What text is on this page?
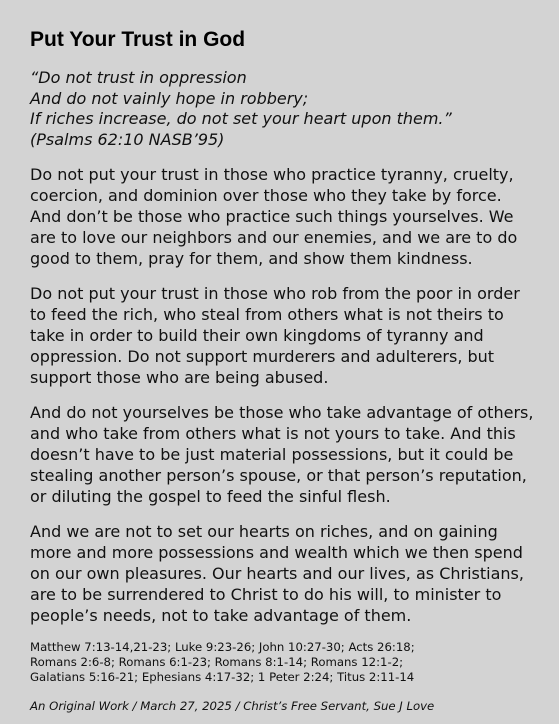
Put Your Trust in God
“Do not trust in oppression
And do not vainly hope in robbery;
If riches increase, do not set your heart upon them.”
(Psalms 62:10 NASB’95)

Do not put your trust in those who practice tyranny, cruelty, coercion, and dominion over those who they take by force. And don’t be those who practice such things yourselves. We are to love our neighbors and our enemies, and we are to do good to them, pray for them, and show them kindness.

Do not put your trust in those who rob from the poor in order to feed the rich, who steal from others what is not theirs to take in order to build their own kingdoms of tyranny and oppression. Do not support murderers and adulterers, but support those who are being abused.

And do not yourselves be those who take advantage of others, and who take from others what is not yours to take. And this doesn’t have to be just material possessions, but it could be stealing another person’s spouse, or that person’s reputation, or diluting the gospel to feed the sinful flesh.

And we are not to set our hearts on riches, and on gaining more and more possessions and wealth which we then spend on our own pleasures. Our hearts and our lives, as Christians, are to be surrendered to Christ to do his will, to minister to people’s needs, not to take advantage of them.

Matthew 7:13-14,21-23; Luke 9:23-26; John 10:27-30; Acts 26:18;
Romans 2:6-8; Romans 6:1-23; Romans 8:1-14; Romans 12:1-2;
Galatians 5:16-21; Ephesians 4:17-32; 1 Peter 2:24; Titus 2:11-14

An Original Work / March 27, 2025 / Christ’s Free Servant, Sue J Love
